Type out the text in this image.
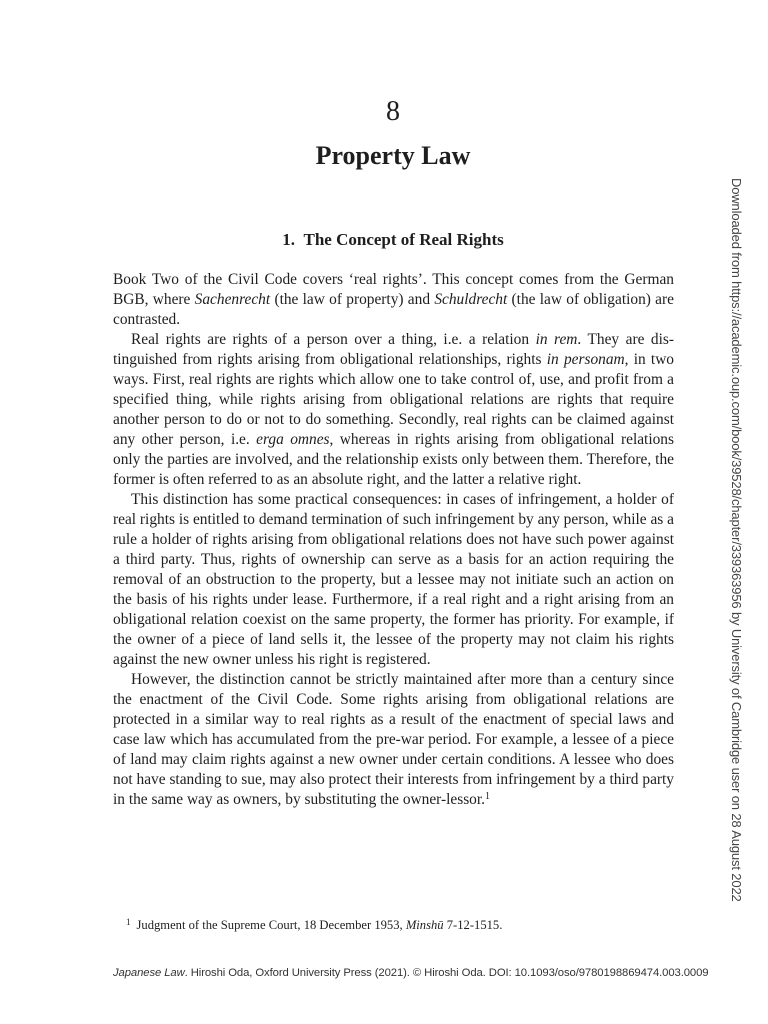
8
Property Law
1. The Concept of Real Rights

Book Two of the Civil Code covers ‘real rights’. This concept comes from the German BGB, where Sachenrecht (the law of property) and Schuldrecht (the law of obligation) are contrasted.

Real rights are rights of a person over a thing, i.e. a relation in rem. They are distinguished from rights arising from obligational relationships, rights in personam, in two ways. First, real rights are rights which allow one to take control of, use, and profit from a specified thing, while rights arising from obligational relations are rights that require another person to do or not to do something. Secondly, real rights can be claimed against any other person, i.e. erga omnes, whereas in rights arising from obligational relations only the parties are involved, and the relationship exists only between them. Therefore, the former is often referred to as an absolute right, and the latter a relative right.

This distinction has some practical consequences: in cases of infringement, a holder of real rights is entitled to demand termination of such infringement by any person, while as a rule a holder of rights arising from obligational relations does not have such power against a third party. Thus, rights of ownership can serve as a basis for an action requiring the removal of an obstruction to the property, but a lessee may not initiate such an action on the basis of his rights under lease. Furthermore, if a real right and a right arising from an obligational relation coexist on the same property, the former has priority. For example, if the owner of a piece of land sells it, the lessee of the property may not claim his rights against the new owner unless his right is registered.

However, the distinction cannot be strictly maintained after more than a century since the enactment of the Civil Code. Some rights arising from obligational relations are protected in a similar way to real rights as a result of the enactment of special laws and case law which has accumulated from the pre-war period. For example, a lessee of a piece of land may claim rights against a new owner under certain conditions. A lessee who does not have standing to sue, may also protect their interests from infringement by a third party in the same way as owners, by substituting the owner-lessor.$^1$

$^1$ Judgment of the Supreme Court, 18 December 1953, Minshū 7-12-1515.
Japanese Law. Hiroshi Oda, Oxford University Press (2021). © Hiroshi Oda. DOI: 10.1093/oso/9780198869474.003.0009
Downloaded from https://academic.oup.com/book/39528/chapter/339363956 by University of Cambridge user on 28 August 2022
